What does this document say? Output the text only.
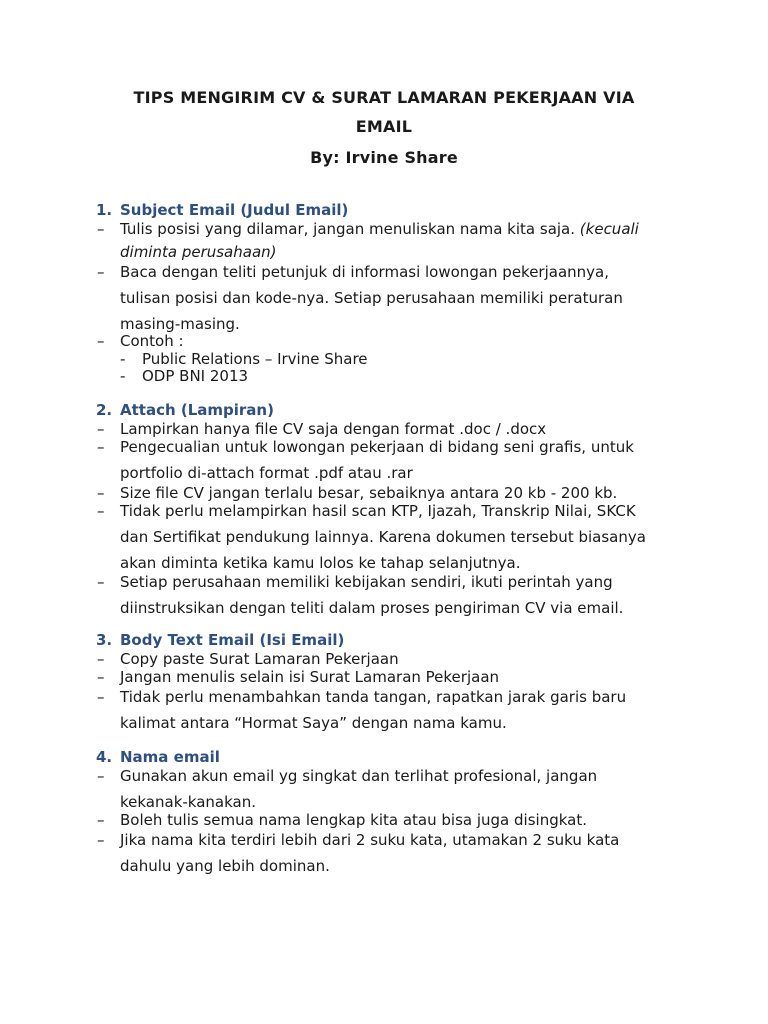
TIPS MENGIRIM CV & SURAT LAMARAN PEKERJAAN VIA
EMAIL
By: Irvine Share
1. Subject Email (Judul Email)
– Tulis posisi yang dilamar, jangan menuliskan nama kita saja. (kecuali
diminta perusahaan)
– Baca dengan teliti petunjuk di informasi lowongan pekerjaannya,
tulisan posisi dan kode-nya. Setiap perusahaan memiliki peraturan
masing-masing.
– Contoh :
- Public Relations – Irvine Share
- ODP BNI 2013
2. Attach (Lampiran)
– Lampirkan hanya file CV saja dengan format .doc / .docx
– Pengecualian untuk lowongan pekerjaan di bidang seni grafis, untuk
portfolio di-attach format .pdf atau .rar
– Size file CV jangan terlalu besar, sebaiknya antara 20 kb - 200 kb.
– Tidak perlu melampirkan hasil scan KTP, Ijazah, Transkrip Nilai, SKCK
dan Sertifikat pendukung lainnya. Karena dokumen tersebut biasanya
akan diminta ketika kamu lolos ke tahap selanjutnya.
– Setiap perusahaan memiliki kebijakan sendiri, ikuti perintah yang
diinstruksikan dengan teliti dalam proses pengiriman CV via email.
3. Body Text Email (Isi Email)
– Copy paste Surat Lamaran Pekerjaan
– Jangan menulis selain isi Surat Lamaran Pekerjaan
– Tidak perlu menambahkan tanda tangan, rapatkan jarak garis baru
kalimat antara “Hormat Saya” dengan nama kamu.
4. Nama email
– Gunakan akun email yg singkat dan terlihat profesional, jangan
kekanak-kanakan.
– Boleh tulis semua nama lengkap kita atau bisa juga disingkat.
– Jika nama kita terdiri lebih dari 2 suku kata, utamakan 2 suku kata
dahulu yang lebih dominan.
